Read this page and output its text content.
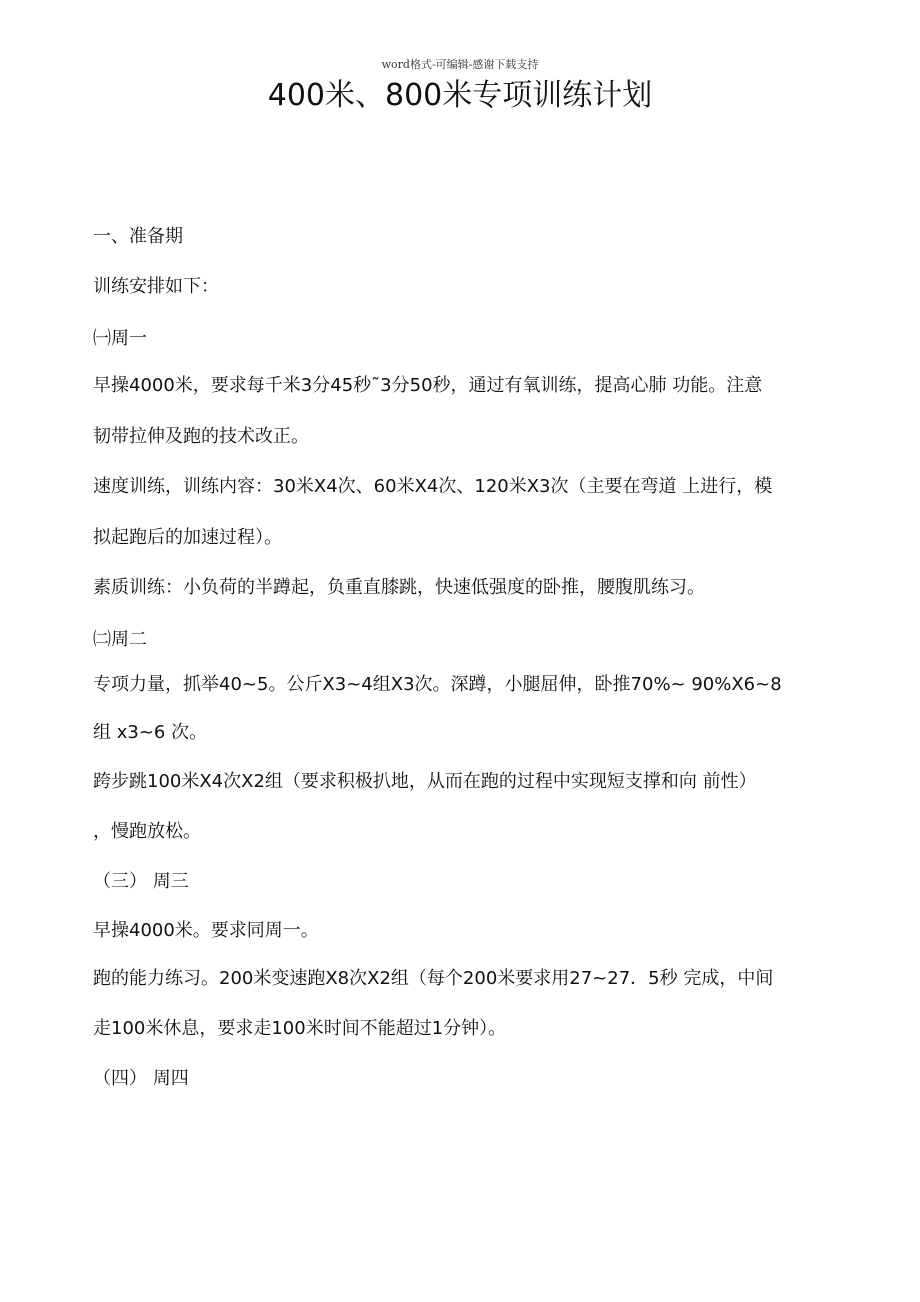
word格式-可编辑-感谢下载支持
400米、800米专项训练计划

一、准备期

训练安排如下：

㈠周一

早操4000米，要求每千米3分45秒˜3分50秒，通过有氧训练，提高心肺 功能。注意

韧带拉伸及跑的技术改正。

速度训练，训练内容：30米X4次、60米X4次、120米X3次（主要在弯道 上进行，模

拟起跑后的加速过程）。

素质训练：小负荷的半蹲起，负重直膝跳，快速低强度的卧推，腰腹肌练习。

㈡周二

专项力量，抓举40~5。公斤X3~4组X3次。深蹲，小腿屈伸，卧推70%~ 90%X6~8

组 x3~6 次。

跨步跳100米X4次X2组（要求积极扒地，从而在跑的过程中实现短支撑和向 前性）

，慢跑放松。

（三） 周三

早操4000米。要求同周一。

跑的能力练习。200米变速跑X8次X2组（每个200米要求用27~27．5秒 完成，中间

走100米休息，要求走100米时间不能超过1分钟）。

（四） 周四
